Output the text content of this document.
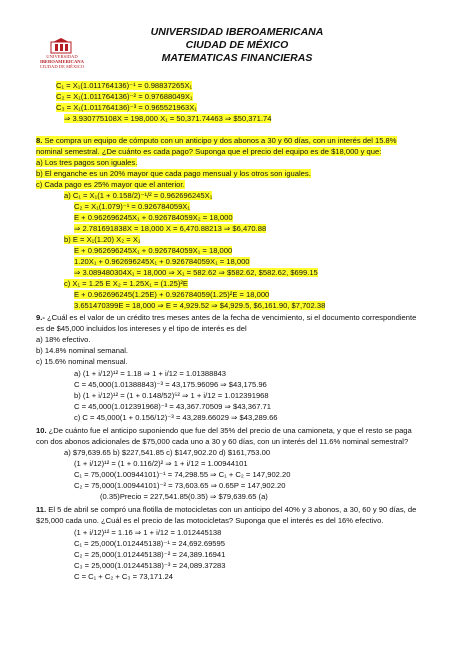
UNIVERSIDAD
IBEROAMERICANA
CIUDAD DE MÉXICO
UNIVERSIDAD IBEROAMERICANA
CIUDAD DE MÉXICO
MATEMATICAS FINANCIERAS
C₁ = X₁(1.011764136)⁻¹ = 0.98837265X₁
C₂ = X₁(1.011764136)⁻² = 0.97688049X₁
C₃ = X₁(1.011764136)⁻³ = 0.965521963X₁
⇒ 3.930775108X = 198,000 X₁ = 50,371.74463 ⇒ $50,371.74
8. Se compra un equipo de cómputo con un anticipo y dos abonos a 30 y 60 días, con un interés del 15.8%
nominal semestral. ¿De cuánto es cada pago? Suponga que el precio del equipo es de $18,000 y que:
a) Los tres pagos son iguales.
b) El enganche es un 20% mayor que cada pago mensual y los otros son iguales.
c) Cada pago es 25% mayor que el anterior.
a) C₁ = X₁(1 + 0.158/2)⁻¹/² = 0.962696245X₁
C₂ = X₁(1.079)⁻¹ = 0.926784059X₁
E + 0.962696245X₁ + 0.926784059X₂ = 18,000
⇒ 2.781691838X = 18,000 X = 6,470.88213 ⇒ $6,470.88
b) E = X₁(1.20) X₂ = X₁
E + 0.962696245X₁ + 0.926784059X₁ = 18,000
1.20X₁ + 0.962696245X₁ + 0.926784059X₁ = 18,000
⇒ 3.089480304X₁ = 18,000 ⇒ X₁ = 582.62 ⇒ $582.62, $582.62, $699.15
c) X₁ = 1.25 E X₂ = 1.25X₁ = (1.25)²E
E + 0.962696245(1.25E) + 0.926784059(1.25)²E = 18,000
3.651470399E = 18,000 ⇒ E = 4,929.52 ⇒ $4,929.5, $6,161.90, $7,702.38
9.- ¿Cuál es el valor de un crédito tres meses antes de la fecha de vencimiento, si el documento correspondiente
es de $45,000 incluidos los intereses y el tipo de interés es del
a) 18% efectivo.
b) 14.8% nominal semanal.
c) 15.6% nominal mensual.
a) (1 + i/12)¹² = 1.18 ⇒ 1 + i/12 = 1.01388843
C = 45,000(1.01388843)⁻³ = 43,175.96096 ⇒ $43,175.96
b) (1 + i/12)¹² = (1 + 0.148/52)⁵² ⇒ 1 + i/12 = 1.012391968
C = 45,000(1.012391968)⁻³ = 43,367.70509 ⇒ $43,367.71
c) C = 45,000(1 + 0.156/12)⁻³ = 43,289.66029 ⇒ $43,289.66
10. ¿De cuánto fue el anticipo suponiendo que fue del 35% del precio de una camioneta, y que el resto se paga
con dos abonos adicionales de $75,000 cada uno a 30 y 60 días, con un interés del 11.6% nominal semestral?
a) $79,639.65 b) $227,541.85 c) $147,902.20 d) $161,753.00
(1 + i/12)¹² = (1 + 0.116/2)² ⇒ 1 + i/12 = 1.00944101
C₁ = 75,000(1.00944101)⁻¹ = 74,298.55 ⇒ C₁ + C₂ = 147,902.20
C₂ = 75,000(1.00944101)⁻² = 73,603.65 ⇒ 0.65P = 147,902.20
(0.35)Precio = 227,541.85(0.35) ⇒ $79,639.65 (a)
11. El 5 de abril se compró una flotilla de motocicletas con un anticipo del 40% y 3 abonos, a 30, 60 y 90 días, de
$25,000 cada uno. ¿Cuál es el precio de las motocicletas? Suponga que el interés es del 16% efectivo.
(1 + i/12)¹² = 1.16 ⇒ 1 + i/12 = 1.012445138
C₁ = 25,000(1.012445138)⁻¹ = 24,692.69595
C₂ = 25,000(1.012445138)⁻² = 24,389.16941
C₃ = 25,000(1.012445138)⁻³ = 24,089.37283
C = C₁ + C₂ + C₃ = 73,171.24
